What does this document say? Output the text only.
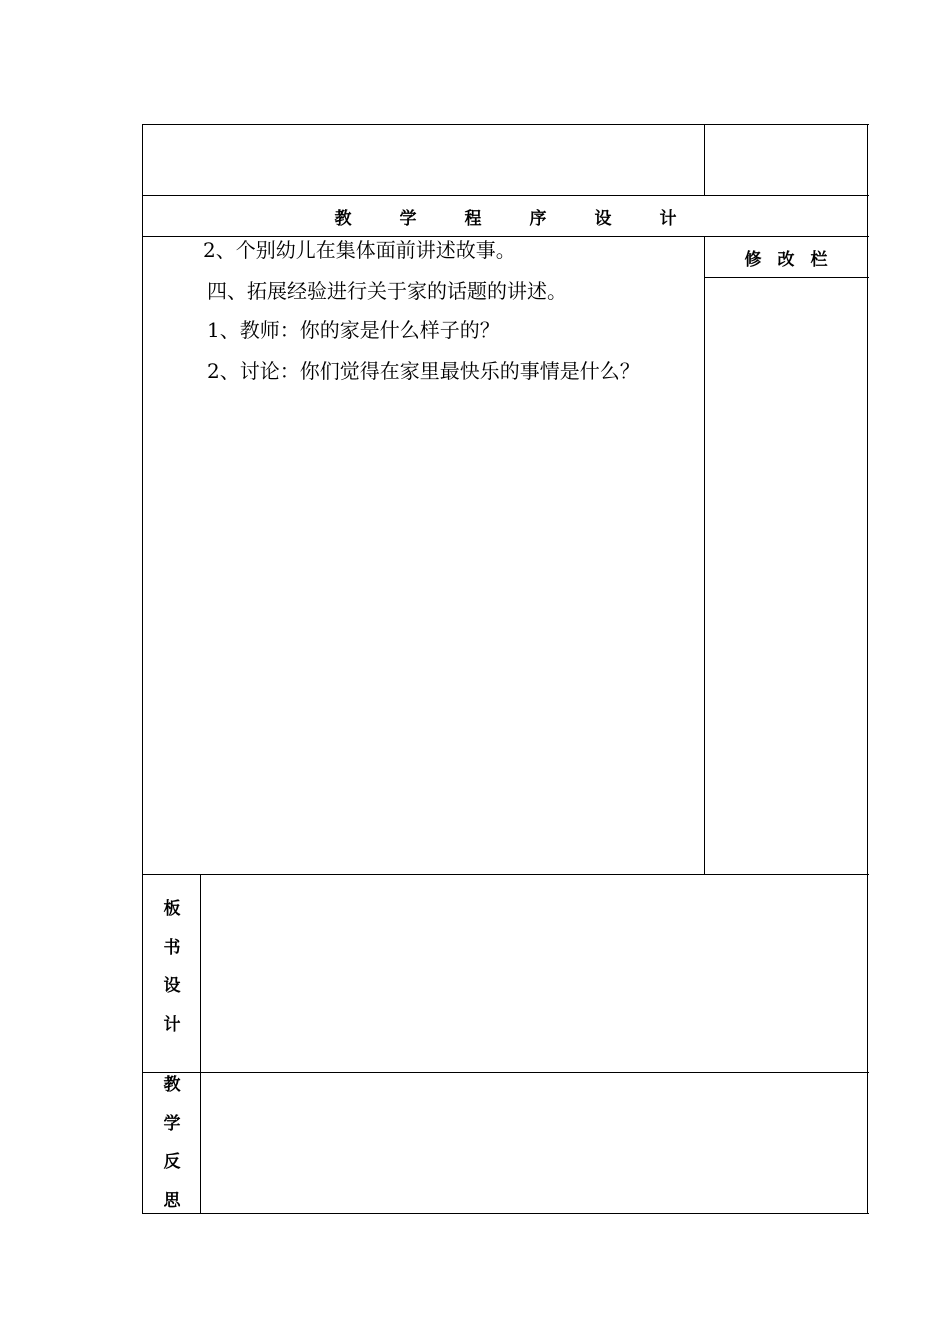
教	学	程	序	设	计
修 改 栏
2、个别幼儿在集体面前讲述故事。
四、拓展经验进行关于家的话题的讲述。
1、教师：你的家是什么样子的？
2、讨论：你们觉得在家里最快乐的事情是什么？
板
书
设
计
教
学
反
思
